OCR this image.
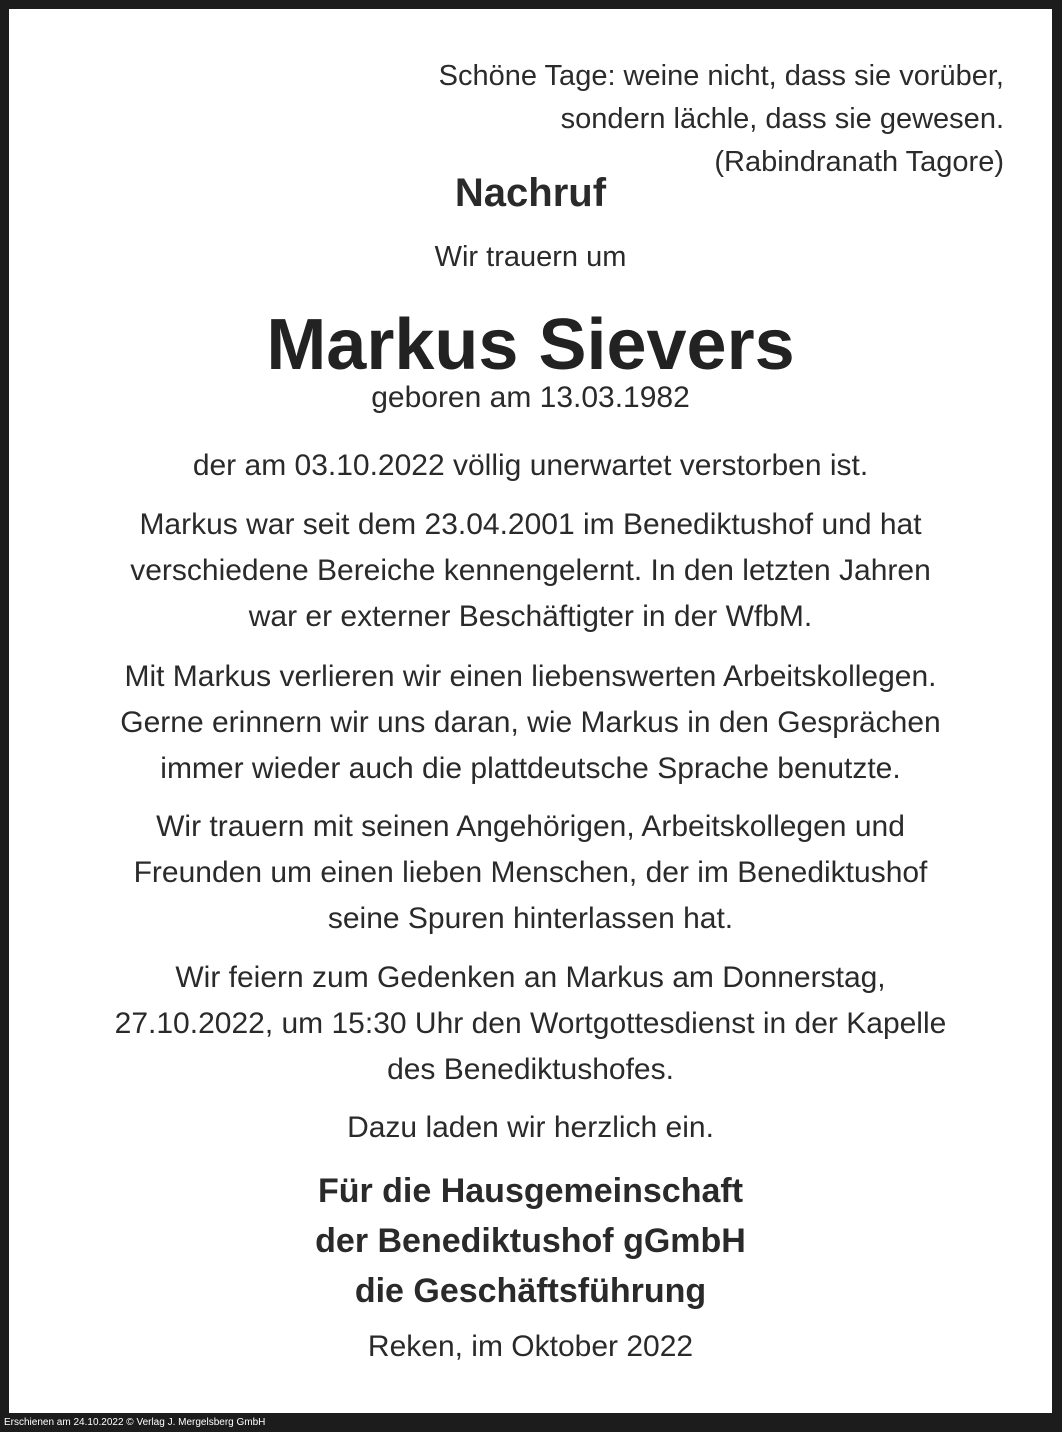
Schöne Tage: weine nicht, dass sie vorüber,
sondern lächle, dass sie gewesen.
(Rabindranath Tagore)
Nachruf
Wir trauern um
Markus Sievers
geboren am 13.03.1982
der am 03.10.2022 völlig unerwartet verstorben ist.
Markus war seit dem 23.04.2001 im Benediktushof und hat
verschiedene Bereiche kennengelernt. In den letzten Jahren
war er externer Beschäftigter in der WfbM.
Mit Markus verlieren wir einen liebenswerten Arbeitskollegen.
Gerne erinnern wir uns daran, wie Markus in den Gesprächen
immer wieder auch die plattdeutsche Sprache benutzte.
Wir trauern mit seinen Angehörigen, Arbeitskollegen und
Freunden um einen lieben Menschen, der im Benediktushof
seine Spuren hinterlassen hat.
Wir feiern zum Gedenken an Markus am Donnerstag,
27.10.2022, um 15:30 Uhr den Wortgottesdienst in der Kapelle
des Benediktushofes.
Dazu laden wir herzlich ein.
Für die Hausgemeinschaft
der Benediktushof gGmbH
die Geschäftsführung
Reken, im Oktober 2022
Erschienen am 24.10.2022 © Verlag J. Mergelsberg GmbH
